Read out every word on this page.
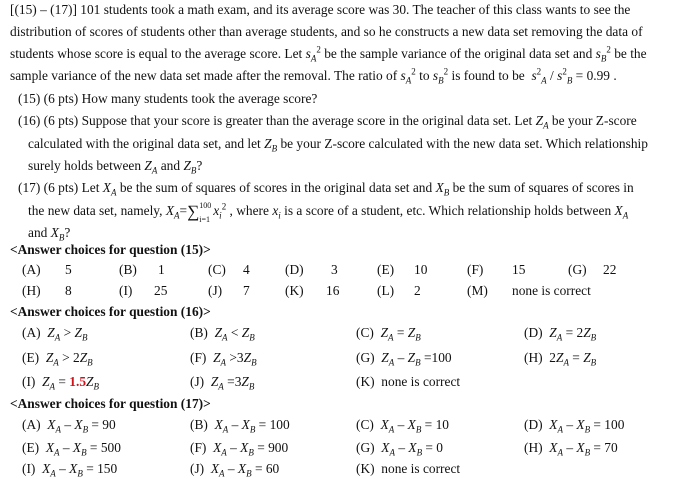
[(15) – (17)] 101 students took a math exam, and its average score was 30. The teacher of this class wants to see the
distribution of scores of students other than average students, and so he constructs a new data set removing the data of
students whose score is equal to the average score. Let $s_A^2$ be the sample variance of the original data set and $s_B^2$ be the
sample variance of the new data set made after the removal. The ratio of $s_A^2$ to $s_B^2$ is found to be $s^2_A / s^2_B = 0.99$ .
(15) (6 pts) How many students took the average score?
(16) (6 pts) Suppose that your score is greater than the average score in the original data set. Let $Z_A$ be your Z-score
calculated with the original data set, and let $Z_B$ be your Z-score calculated with the new data set. Which relationship
surely holds between $Z_A$ and $Z_B$?
(17) (6 pts) Let $X_A$ be the sum of squares of scores in the original data set and $X_B$ be the sum of squares of scores in
the new data set, namely, $X_A=\sum$ 100
i=1
$x_i^2$ , where $x_i$ is a score of a student, etc. Which relationship holds between $X_A$
and $X_B$?
<Answer choices for question (15)>
(A) 5	(B) 1	(C) 4	(D) 3	(E) 10	(F) 15	(G) 22
(H) 8	(I) 25	(J) 7	(K) 16	(L) 2	(M) none is correct
<Answer choices for question (16)>
(A) $Z_A > Z_B$	(B) $Z_A < Z_B$	(C) $Z_A = Z_B$	(D) $Z_A = 2Z_B$
(E) $Z_A > 2Z_B$	(F) $Z_A >3Z_B$	(G) $Z_A - Z_B =100$	(H) $2Z_A = Z_B$
(I) $Z_A = 1.5Z_B$	(J) $Z_A =3Z_B$	(K) none is correct
<Answer choices for question (17)>
(A) $X_A - X_B = 90$	(B) $X_A - X_B = 100$	(C) $X_A - X_B = 10$	(D) $X_A - X_B = 100$
(E) $X_A - X_B = 500$	(F) $X_A - X_B = 900$	(G) $X_A - X_B = 0$	(H) $X_A - X_B = 70$
(I) $X_A - X_B = 150$	(J) $X_A - X_B = 60$	(K) none is correct
